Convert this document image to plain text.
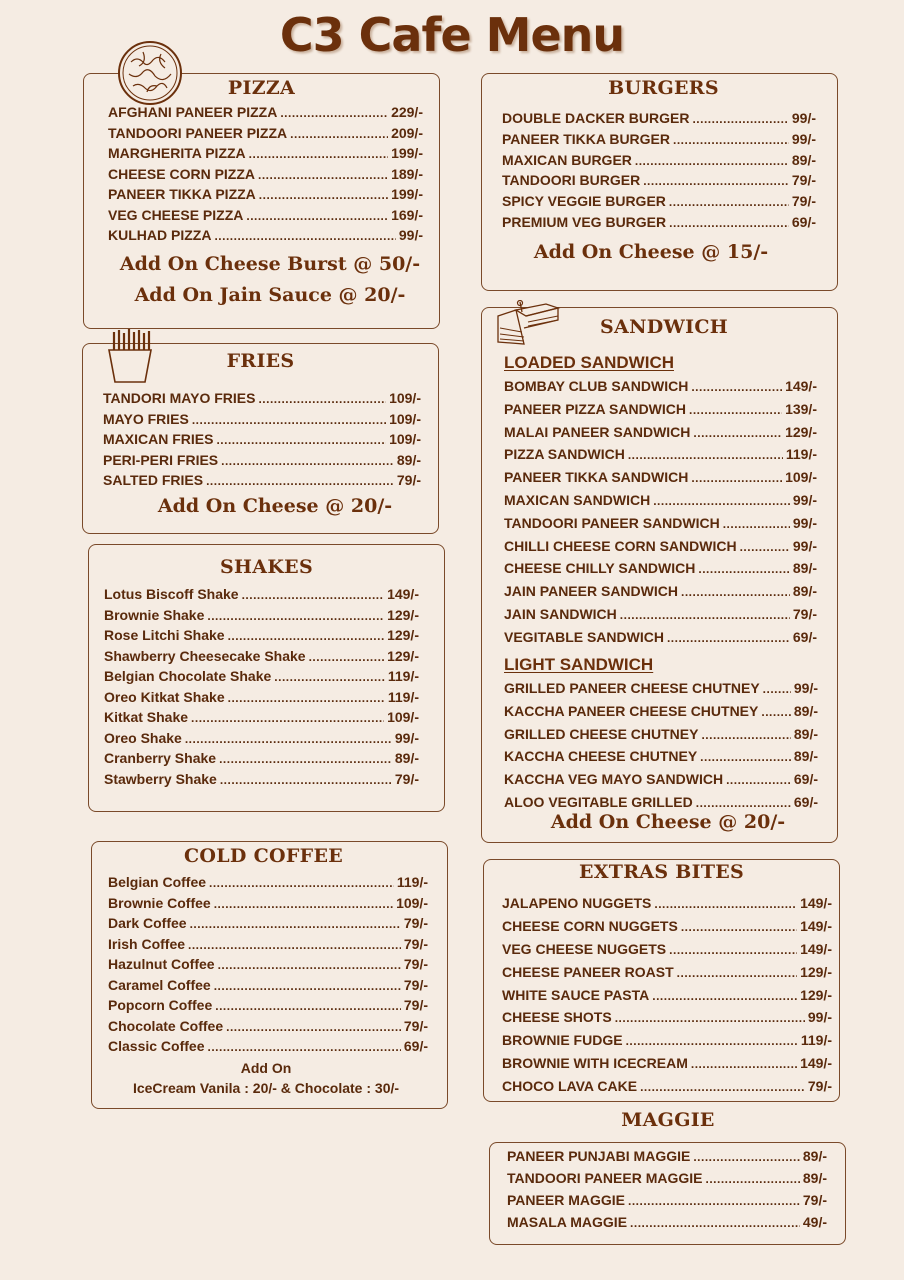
C3 Cafe Menu
PIZZA
AFGHANI PANEER PIZZA .....	229/-
TANDOORI PANEER PIZZA .....	209/-
MARGHERITA PIZZA .....	199/-
CHEESE CORN PIZZA .....	189/-
PANEER TIKKA PIZZA .....	199/-
VEG CHEESE PIZZA .....	169/-
KULHAD PIZZA .....	99/-
Add On Cheese Burst @ 50/-
Add On Jain Sauce @ 20/-
FRIES
TANDORI MAYO FRIES .....	109/-
MAYO FRIES .....	109/-
MAXICAN FRIES .....	109/-
PERI-PERI FRIES .....	89/-
SALTED FRIES .....	79/-
Add On Cheese @ 20/-
SHAKES
Lotus Biscoff Shake .....	149/-
Brownie Shake .....	129/-
Rose Litchi Shake .....	129/-
Shawberry Cheesecake Shake .....	129/-
Belgian Chocolate Shake .....	119/-
Oreo Kitkat Shake .....	119/-
Kitkat Shake .....	109/-
Oreo Shake .....	99/-
Cranberry Shake .....	89/-
Stawberry Shake .....	79/-
COLD COFFEE
Belgian Coffee .....	119/-
Brownie Coffee .....	109/-
Dark Coffee .....	79/-
Irish Coffee .....	79/-
Hazulnut Coffee .....	79/-
Caramel Coffee .....	79/-
Popcorn Coffee .....	79/-
Chocolate Coffee .....	79/-
Classic Coffee .....	69/-
Add On
IceCream Vanila : 20/- & Chocolate : 30/-
BURGERS
DOUBLE DACKER BURGER .....	99/-
PANEER TIKKA BURGER .....	99/-
MAXICAN BURGER .....	89/-
TANDOORI BURGER .....	79/-
SPICY VEGGIE BURGER .....	79/-
PREMIUM VEG BURGER .....	69/-
Add On Cheese @ 15/-
SANDWICH
LOADED SANDWICH
BOMBAY CLUB SANDWICH .....	149/-
PANEER PIZZA SANDWICH .....	139/-
MALAI PANEER SANDWICH .....	129/-
PIZZA SANDWICH .....	119/-
PANEER TIKKA SANDWICH .....	109/-
MAXICAN SANDWICH .....	99/-
TANDOORI PANEER SANDWICH .....	99/-
CHILLI CHEESE CORN SANDWICH .....	99/-
CHEESE CHILLY SANDWICH .....	89/-
JAIN PANEER SANDWICH .....	89/-
JAIN SANDWICH .....	79/-
VEGITABLE SANDWICH .....	69/-
LIGHT SANDWICH
GRILLED PANEER CHEESE CHUTNEY ..... 99/-
KACCHA PANEER CHEESE CHUTNEY .....	89/-
GRILLED CHEESE CHUTNEY .....	89/-
KACCHA CHEESE CHUTNEY .....	89/-
KACCHA VEG MAYO SANDWICH .....	69/-
ALOO VEGITABLE GRILLED .....	69/-
Add On Cheese @ 20/-
EXTRAS BITES
JALAPENO NUGGETS .....	149/-
CHEESE CORN NUGGETS .....	149/-
VEG CHEESE NUGGETS .....	149/-
CHEESE PANEER ROAST .....	129/-
WHITE SAUCE PASTA .....	129/-
CHEESE SHOTS .....	99/-
BROWNIE FUDGE .....	119/-
BROWNIE WITH ICECREAM .....	149/-
CHOCO LAVA CAKE .....	79/-
MAGGIE
PANEER PUNJABI MAGGIE .....	89/-
TANDOORI PANEER MAGGIE .....	89/-
PANEER MAGGIE .....	79/-
MASALA MAGGIE .....	49/-
